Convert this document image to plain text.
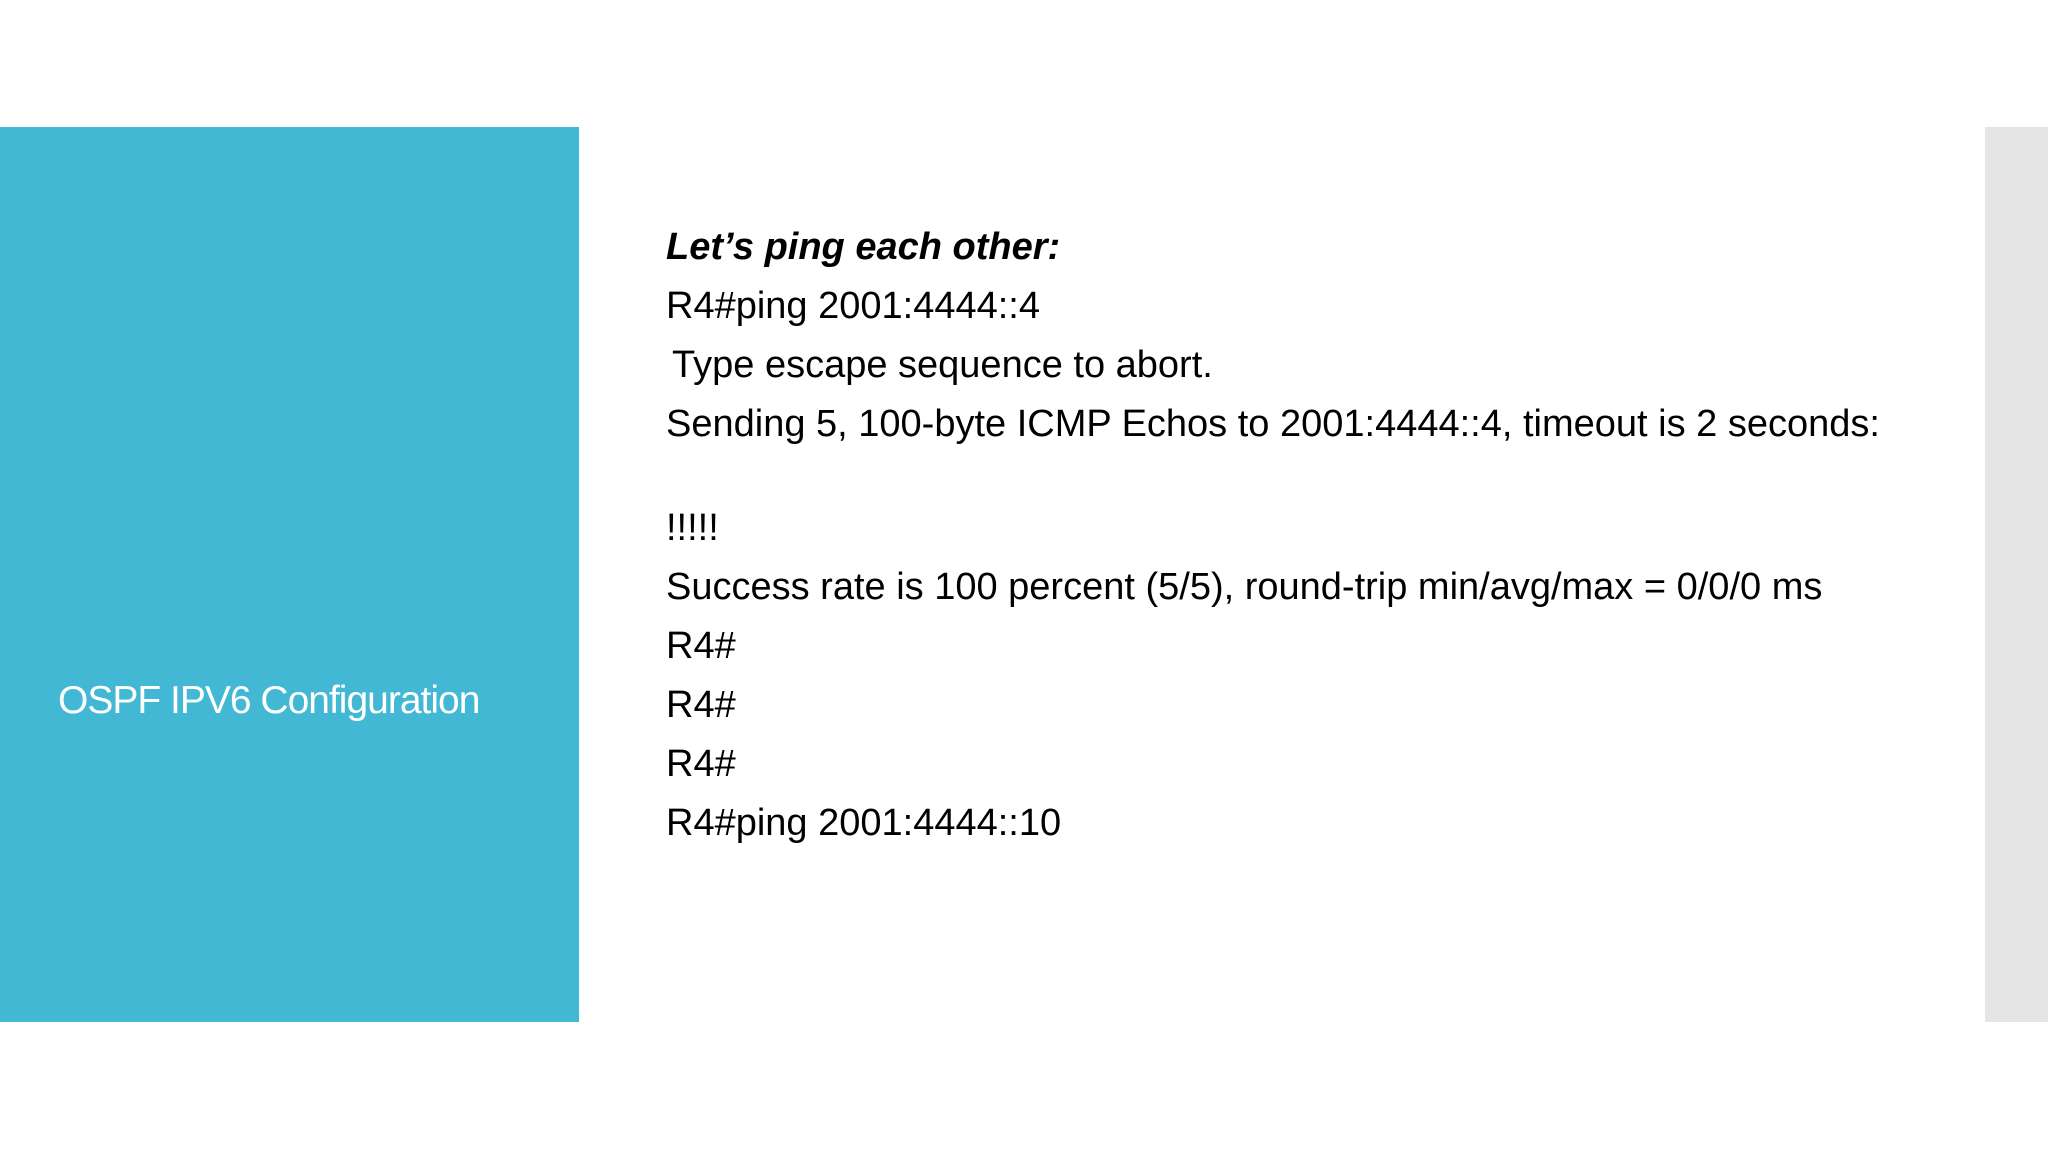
OSPF IPV6 Configuration

Let’s ping each other:

R4#ping 2001:4444::4

Type escape sequence to abort.

Sending 5, 100-byte ICMP Echos to 2001:4444::4, timeout is 2 seconds:

!!!!!

Success rate is 100 percent (5/5), round-trip min/avg/max = 0/0/0 ms

R4#

R4#

R4#

R4#ping 2001:4444::10
